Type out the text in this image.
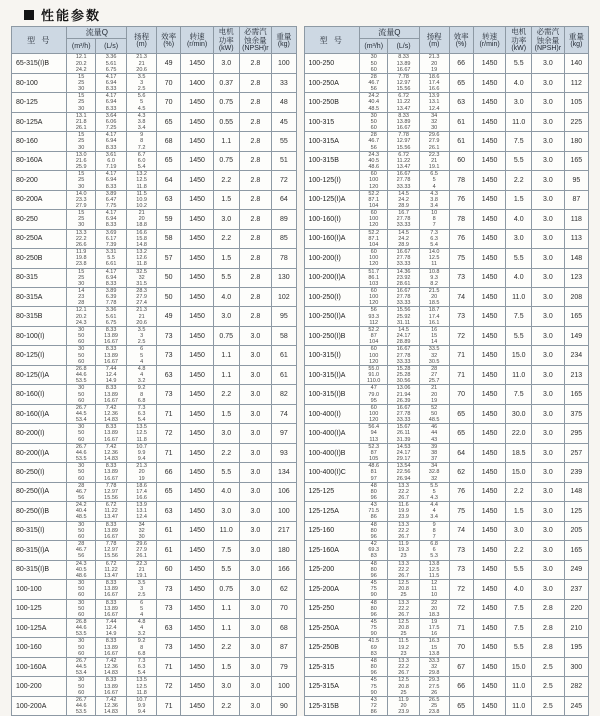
性能参数
型 号	流量Q		扬程
(m)	效率
(%)	转速
(r/min)	电机
功率
(kW)	必需汽
蚀余量
(NPSH)r	重量
(kg)

	(m³/h)	(L/s)						
65-315(I)B	12.1
20.2
24.2	3.36
5.61
6.75	21.3
21
20.6	49	1450	3.0	2.8	100
80-100	15
25
30	4.17
6.94
8.33	3.5
3
2.5	70	1400	0.37	2.8	33
80-125	15
25
30	4.17
6.94
8.33	5.6
5
4.5	70	1450	0.75	2.8	48
80-125A	13.1
21.8
26.1	3.64
6.06
7.25	4.3
3.8
3.4	65	1450	0.55	2.8	45
80-160	15
25
30	4.17
6.94
8.33	9
8
7.2	68	1450	1.1	2.8	55
80-160A	13.0
21.6
25.9	3.61
6.0
7.19	6.7
6.0
5.4	65	1450	0.75	2.8	51
80-200	15
25
30	4.17
6.94
8.33	13.2
12.5
11.8	64	1450	2.2	2.8	72
80-200A	14.0
23.3
27.9	3.89
6.47
7.75	11.5
10.9
10.2	63	1450	1.5	2.8	64
80-250	15
25
30	4.17
6.94
8.33	21
20
18.8	59	1450	3.0	2.8	89
80-250A	13.3
22.2
26.6	3.69
6.17
7.39	16.6
15.8
14.8	58	1450	2.2	2.8	85
80-250B	11.9
19.8
23.8	3.31
5.5
6.61	13.2
12.6
11.8	57	1450	1.5	2.8	78
80-315	15
25
30	4.17
6.94
8.33	32.5
32
31.5	50	1450	5.5	2.8	130
80-315A	14
23
28	3.89
6.39
7.78	28.3
27.9
27.4	50	1450	4.0	2.8	102
80-315B	12.1
20.2
24.3	3.36
5.61
6.75	21.3
21
20.6	49	1450	3.0	2.8	95
80-100(I)	30
50
60	8.33
13.89
16.67	3.5
3
2.5	73	1450	0.75	3.0	58
80-125(I)	30
50
60	8.33
13.89
16.67	6
5
4	73	1450	1.1	3.0	61
80-125(I)A	26.8
44.6
53.5	7.44
12.4
14.9	4.8
4
3.2	63	1450	1.1	3.0	61
80-160(I)	30
50
60	8.33
13.89
16.67	9.2
8
6.8	73	1450	2.2	3.0	82
80-160(I)A	26.7
44.5
53.4	7.42
12.36
14.83	7.3
6.3
5.4	71	1450	1.5	3.0	74
80-200(I)	30
50
60	8.33
13.89
16.67	13.5
12.5
11.8	72	1450	3.0	3.0	97
80-200(I)A	26.7
44.6
53.5	7.42
12.36
14.83	10.7
9.9
9.4	71	1450	2.2	3.0	93
80-250(I)	30
50
60	8.33
13.89
16.67	21.3
20
19	66	1450	5.5	3.0	134
80-250(I)A	28
46.7
56	7.78
12.97
15.56	18.6
17.4
16.6	65	1450	4.0	3.0	106
80-250(I)B	24.2
40.4
48.5	6.72
11.22
13.47	13.9
13.1
12.4	63	1450	3.0	3.0	100
80-315(I)	30
50
60	8.33
13.89
16.67	34
32
30	61	1450	11.0	3.0	217
80-315(I)A	28
46.7
56	7.78
12.97
15.56	29.6
27.9
26.1	61	1450	7.5	3.0	180
80-315(I)B	24.3
40.5
48.6	6.72
11.22
13.47	22.3
21
19.1	60	1450	5.5	3.0	166
100-100	30
50
60	8.33
13.89
16.67	3.5
3
2.5	73	1450	0.75	3.0	62
100-125	30
50
60	8.33
13.89
16.67	6
5
4	73	1450	1.1	3.0	70
100-125A	26.8
44.6
53.5	7.44
12.4
14.9	4.8
4
3.2	63	1450	1.1	3.0	68
100-160	30
50
60	8.33
13.89
16.67	9.2
8
6.8	73	1450	2.2	3.0	87
100-160A	26.7
44.5
53.4	7.42
12.36
14.83	7.3
6.3
5.4	71	1450	1.5	3.0	79
100-200	30
50
60	8.33
13.89
16.67	13.5
12.5
11.8	72	1450	3.0	3.0	100
100-200A	26.7
44.6
53.5	7.42
12.36
14.83	10.7
9.9
9.4	71	1450	2.2	3.0	90
型 号	流量Q		扬程
(m)	效率
(%)	转速
(r/min)	电机
功率
(kW)	必需汽
蚀余量
(NPSH)r	重量
(kg)

	(m³/h)	(L/s)						
100-250	30
50
60	8.33
13.89
16.67	21.3
20
19	66	1450	5.5	3.0	140
100-250A	28
46.7
56	7.78
12.97
15.56	18.6
17.4
16.6	65	1450	4.0	3.0	112
100-250B	24.2
40.4
48.5	6.72
11.22
13.47	13.9
13.1
12.4	63	1450	3.0	3.0	105
100-315	30
50
60	8.33
13.89
16.67	34
32
30	61	1450	11.0	3.0	225
100-315A	28
46.7
56	7.78
12.97
15.56	29.6
27.9
26.1	61	1450	7.5	3.0	180
100-315B	24.3
40.5
48.6	6.72
11.22
13.47	22.3
21
19.1	60	1450	5.5	3.0	165
100-125(I)	60
100
120	16.67
27.78
33.33	6.5
5
4	78	1450	2.2	3.0	95
100-125(I)A	52.2
87.1
104	14.5
24.2
28.9	4.3
3.8
3.4	76	1450	1.5	3.0	87
100-160(I)	60
100
120	16.7
27.78
33.33	10
8
7	78	1450	4.0	3.0	118
100-160(I)A	52.2
87.1
104	14.5
24.2
28.9	7.3
6.3
5.4	76	1450	3.0	3.0	113
100-200(I)	60
100
120	16.67
27.78
33.33	14.0
12.5
11	75	1450	5.5	3.0	148
100-200(I)A	51.7
86.1
103	14.36
23.92
28.61	10.8
9.3
8.2	73	1450	4.0	3.0	123
100-250(I)	60
100
120	16.67
27.78
33.33	21.5
20
18.5	74	1450	11.0	3.0	208
100-250(I)A	56
93.3
112	15.56
25.92
31.11	18.7
17.4
16.1	73	1450	7.5	3.0	165
100-250(I)B	52.2
87
104	14.5
24.17
28.89	16
15
14	72	1450	5.5	3.0	149
100-315(I)	60
100
120	16.67
27.78
33.33	33.5
32
30.5	71	1450	15.0	3.0	234
100-315(I)A	55.0
91.0
110.0	15.28
25.28
30.56	28
27
25.7	71	1450	11.0	3.0	213
100-315(I)B	47
79.0
95	13.06
21.94
26.39	21
20
19	70	1450	7.5	3.0	165
100-400(I)	60
100
120	16.67
27.78
33.33	52
50
48.5	65	1450	30.0	3.0	375
100-400(I)A	56.4
94
113	15.67
26.11
31.39	46
44
43	65	1450	22.0	3.0	295
100-400(I)B	52.3
87
105	14.53
24.17
29.17	39
38
37	64	1450	18.5	3.0	257
100-400(I)C	48.6
81
97	13.54
22.56
26.94	34
32.8
32	62	1450	15.0	3.0	239
125-125	48
80
96	13.3
22.2
26.7	5.5
5
4.3	76	1450	2.2	3.0	148
125-125A	43
71.5
86	11.6
19.9
23.9	4.4
4
3.4	75	1450	1.5	3.0	125
125-160	48
80
96	13.3
22.2
26.7	9
8
7	74	1450	3.0	3.0	205
125-160A	42
69.3
83	11.9
19.3
23	6.8
6
5.3	73	1450	2.2	3.0	165
125-200	48
80
96	13.3
22.2
26.7	13.8
12.5
11.5	73	1450	5.5	3.0	249
125-200A	45
75
90	12.5
20.8
25	12
11
10	72	1450	4.0	3.0	237
125-250	48
80
96	13.3
22.2
26.7	22
20
18.3	72	1450	7.5	2.8	220
125-250A	45
75
90	12.5
20.8
25	19
17.5
16	71	1450	7.5	2.8	210
125-250B	41.5
69
83	11.5
19.2
23	16.3
15
13.8	70	1450	5.5	2.8	195
125-315	48
80
96	13.3
22.2
26.7	33.3
32
29.8	67	1450	15.0	2.5	300
125-315A	45
75
90	12.5
20.8
25	29.3
27.5
26	66	1450	11.0	2.5	282
125-315B	43
72
86	11.9
20
23.9	26.5
25
23.8	65	1450	11.0	2.5	245
